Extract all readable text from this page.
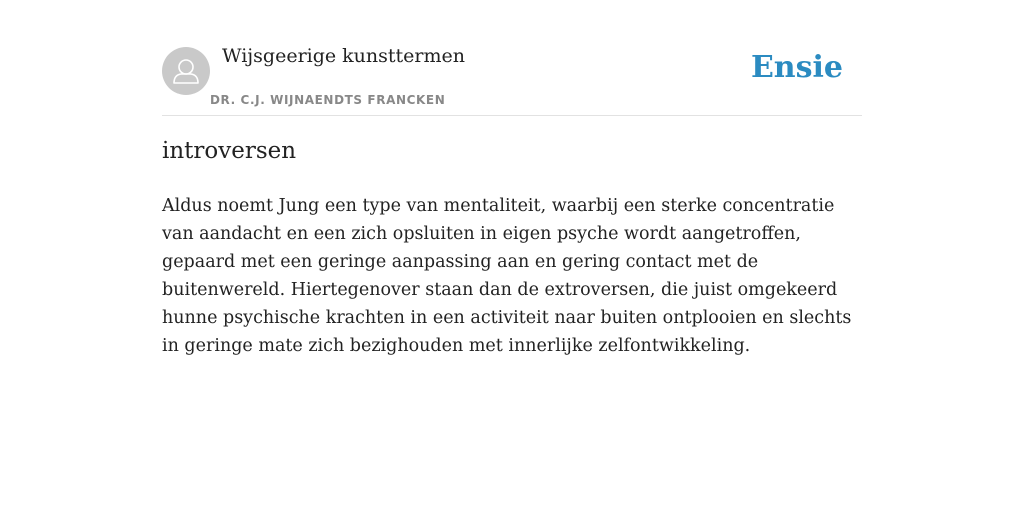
Wijsgeerige kunsttermen
DR. C.J. WIJNAENDTS FRANCKEN
Ensie
introversen

Aldus noemt Jung een type van mentaliteit, waarbij een sterke concentratie van aandacht en een zich opsluiten in eigen psyche wordt aangetroffen, gepaard met een geringe aanpassing aan en gering contact met de buitenwereld. Hiertegenover staan dan de extroversen, die juist omgekeerd hunne psychische krachten in een activiteit naar buiten ontplooien en slechts in geringe mate zich bezighouden met innerlijke zelfontwikkeling.
